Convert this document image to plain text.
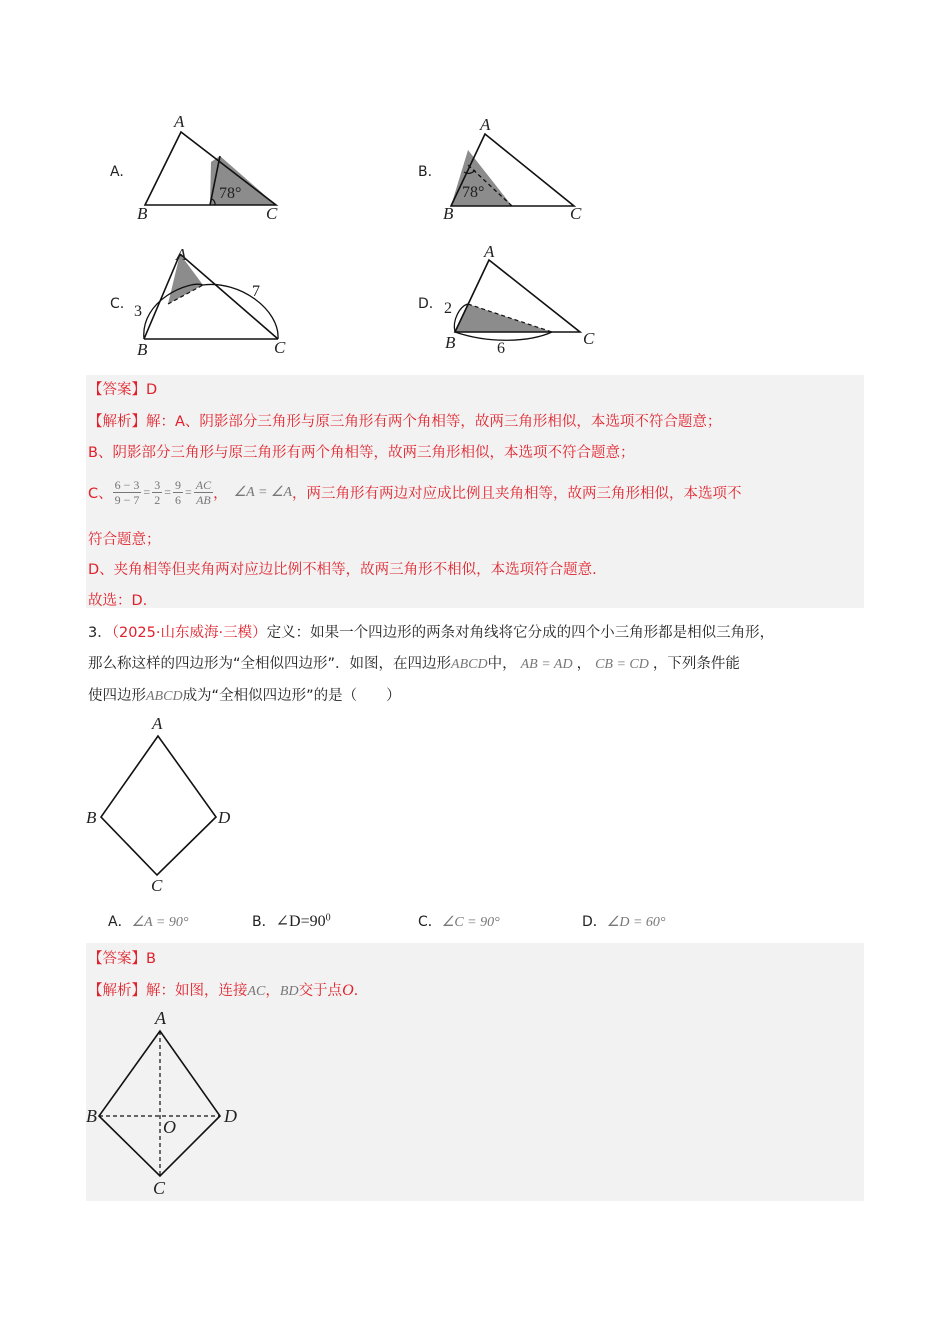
A.
A
B	C
78°
B.
A
B	C
78°
C.
A
B	C
3
7
D.
A
B	C
2
6
【答案】D
【解析】解：A、阴影部分三角形与原三角形有两个角相等，故两三角形相似，本选项不符合题意；
B、阴影部分三角形与原三角形有两个角相等，故两三角形相似，本选项不符合题意；
C、 $\frac{6 - 3}{9 - 7} = \frac{3}{2} = \frac{9}{6} = \frac{AC}{AB}$ ， ∠A = ∠A ，两三角形有两边对应成比例且夹角相等，故两三角形相似，本选项不
符合题意；
D、夹角相等但夹角两对应边比例不相等，故两三角形不相似，本选项符合题意.
故选：D.
3．（2025·山东威海·三模）定义：如果一个四边形的两条对角线将它分成的四个小三角形都是相似三角形，
那么称这样的四边形为“全相似四边形”．如图，在四边形ABCD中， AB = AD ， CB = CD ，下列条件能
使四边形ABCD成为“全相似四边形”的是（　　）
A
B
C
D
A．∠A = 90°	B．$\angle D=90^0$	C．∠C = 90°	D．∠D = 60°
【答案】B
【解析】解：如图，连接AC，BD交于点O.
A
B
C
D
O
